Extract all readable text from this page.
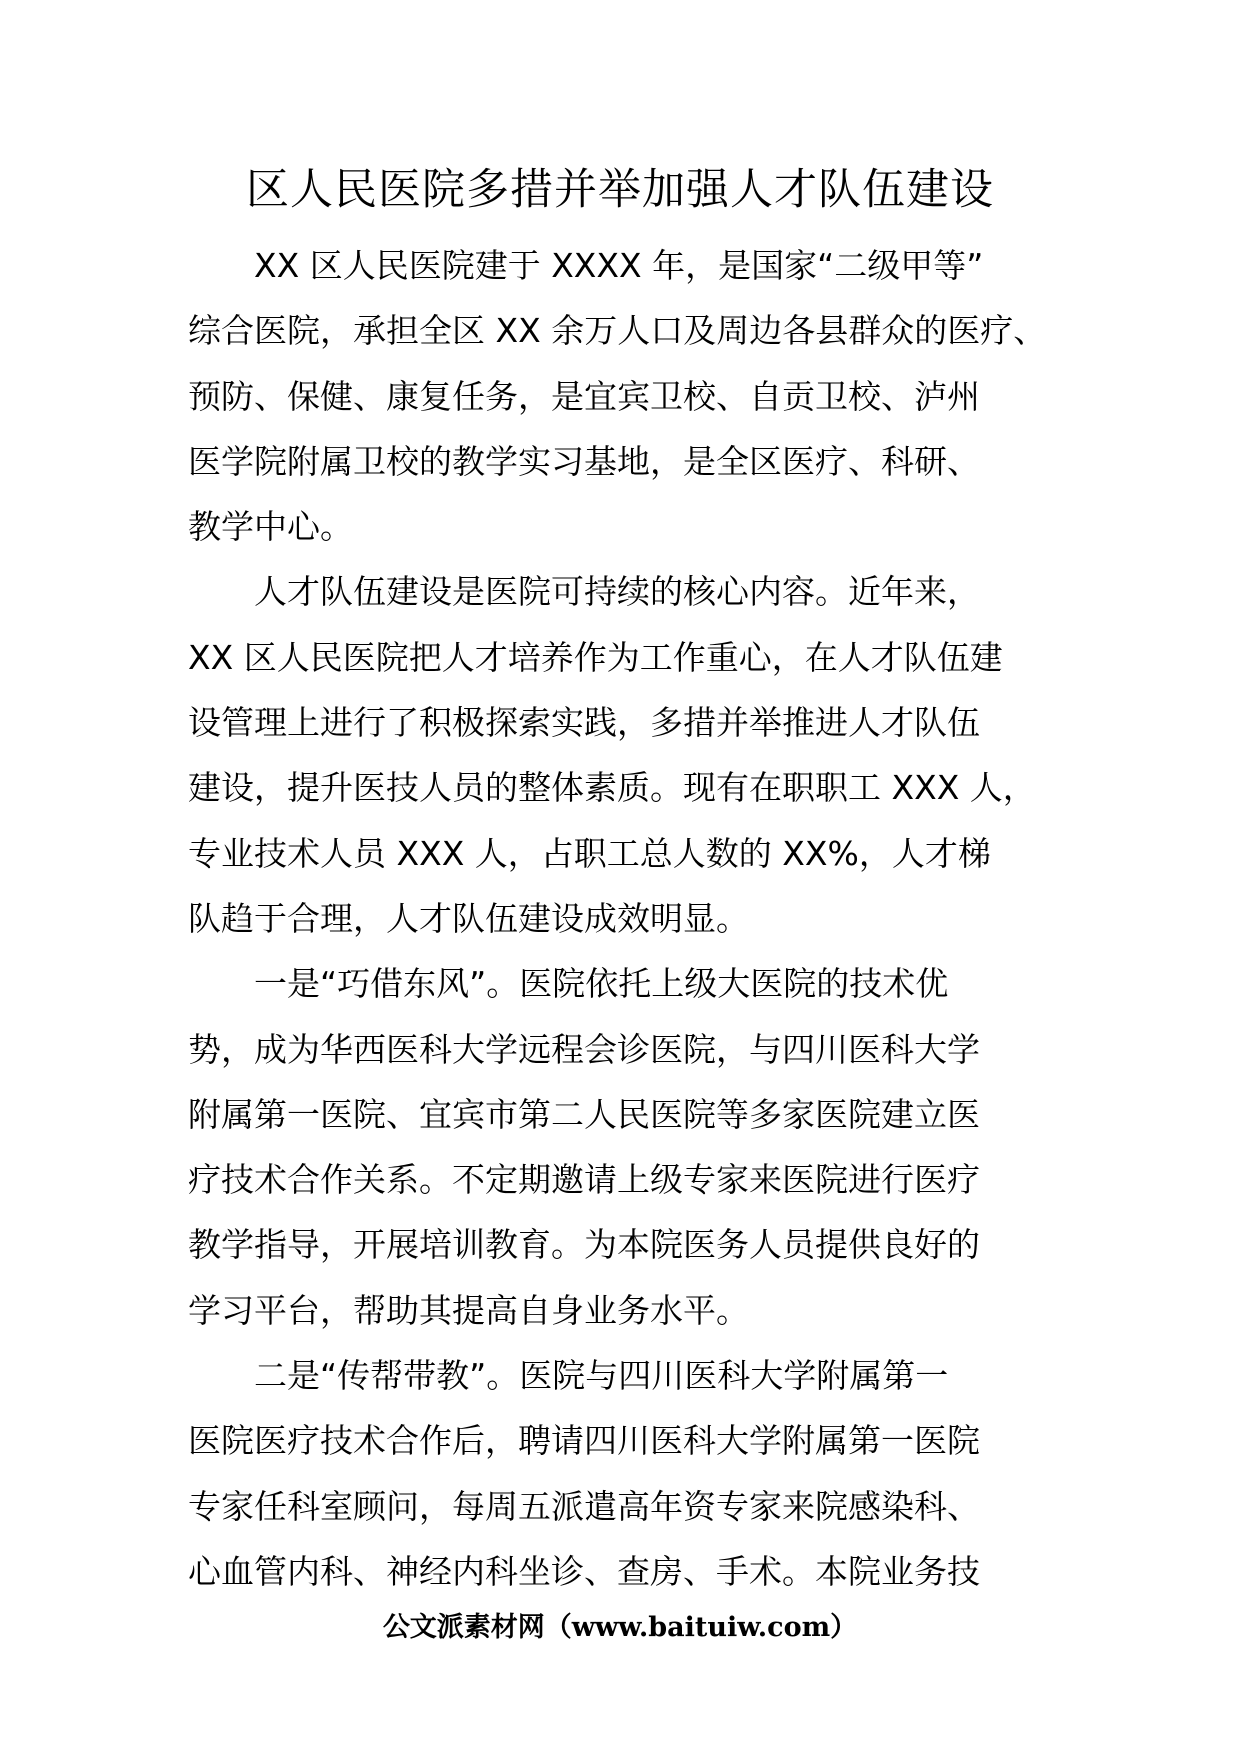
区人民医院多措并举加强人才队伍建设

XX 区人民医院建于 XXXX 年，是国家“二级甲等”
综合医院，承担全区 XX 余万人口及周边各县群众的医疗、
预防、保健、康复任务，是宜宾卫校、自贡卫校、泸州
医学院附属卫校的教学实习基地，是全区医疗、科研、
教学中心。

人才队伍建设是医院可持续的核心内容。近年来，
XX 区人民医院把人才培养作为工作重心，在人才队伍建
设管理上进行了积极探索实践，多措并举推进人才队伍
建设，提升医技人员的整体素质。现有在职职工 XXX 人，
专业技术人员 XXX 人，占职工总人数的 XX%，人才梯
队趋于合理，人才队伍建设成效明显。

一是“巧借东风”。医院依托上级大医院的技术优
势，成为华西医科大学远程会诊医院，与四川医科大学
附属第一医院、宜宾市第二人民医院等多家医院建立医
疗技术合作关系。不定期邀请上级专家来医院进行医疗
教学指导，开展培训教育。为本院医务人员提供良好的
学习平台，帮助其提高自身业务水平。

二是“传帮带教”。医院与四川医科大学附属第一
医院医疗技术合作后，聘请四川医科大学附属第一医院
专家任科室顾问，每周五派遣高年资专家来院感染科、
心血管内科、神经内科坐诊、查房、手术。本院业务技

公文派素材网（www.baituiw.com）
